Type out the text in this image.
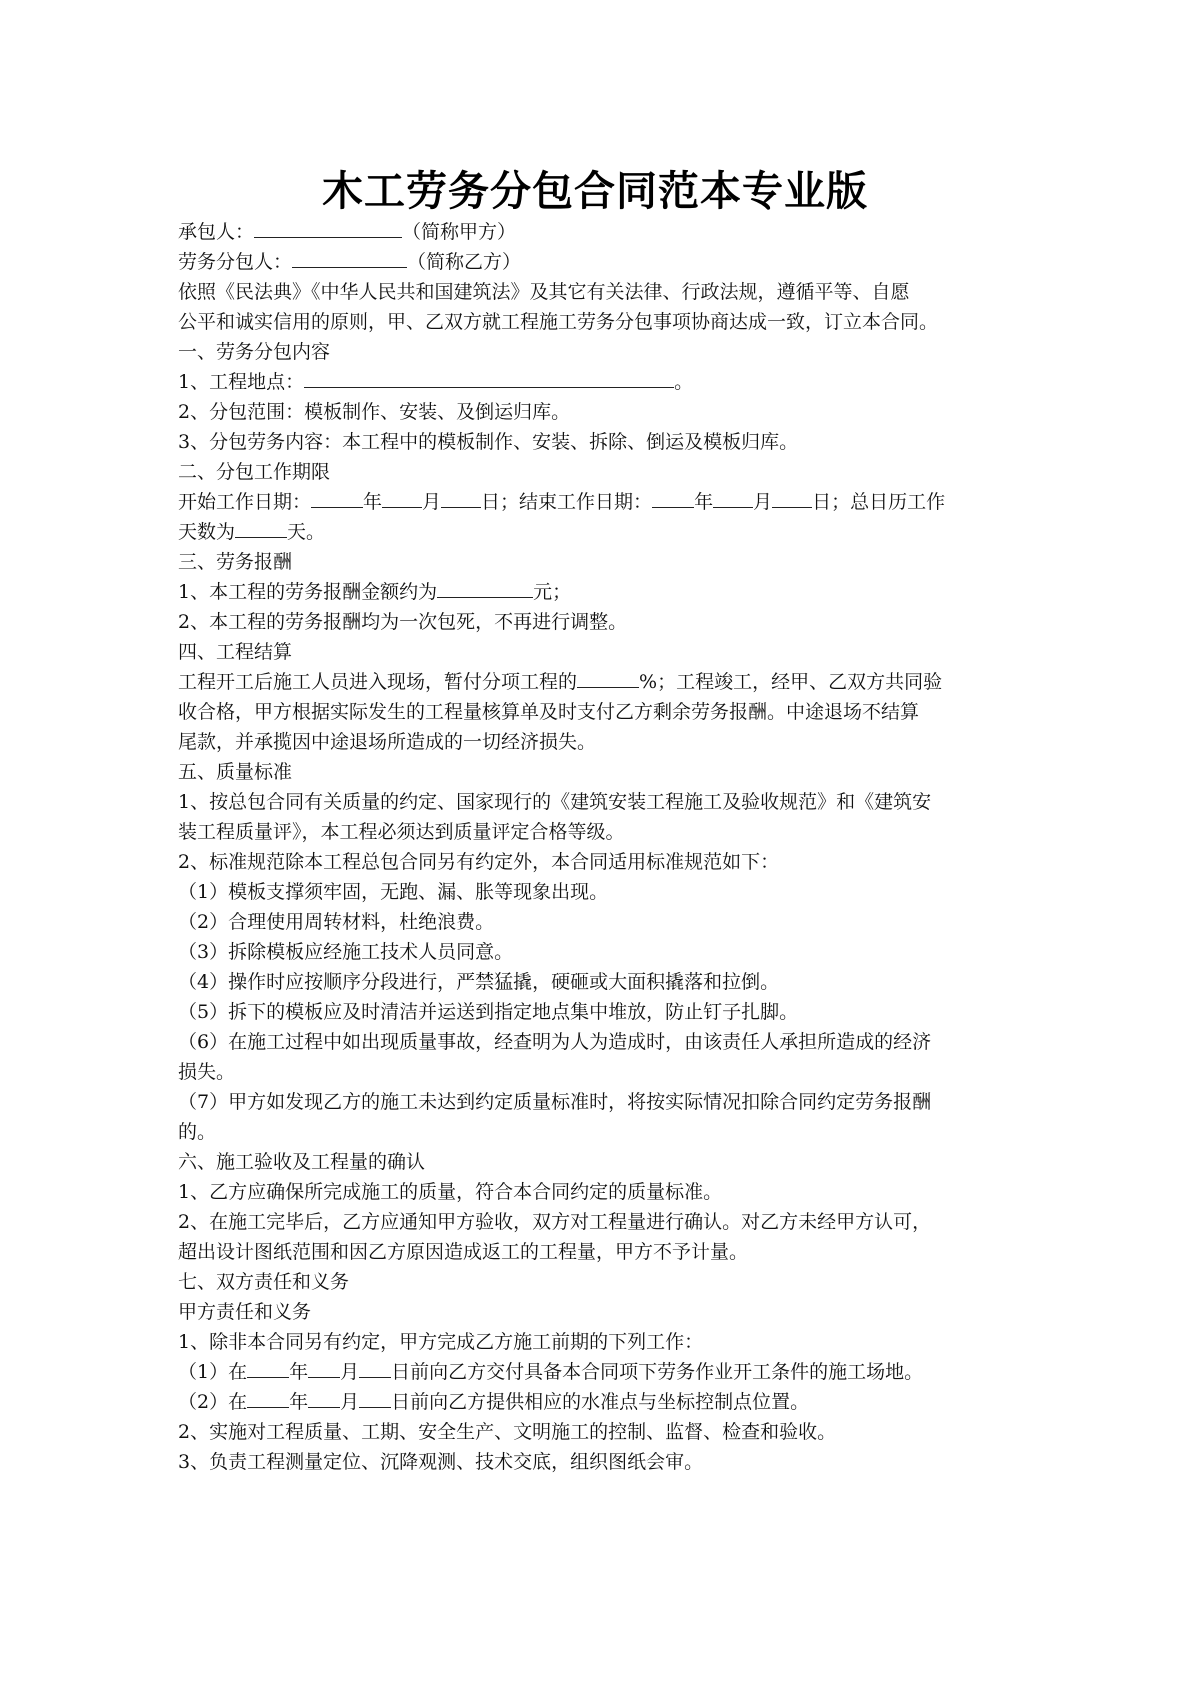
木工劳务分包合同范本专业版
承包人：	（简称甲方）
劳务分包人：	（简称乙方）
依照《民法典》《中华人民共和国建筑法》及其它有关法律、行政法规，遵循平等、自愿
公平和诚实信用的原则，甲、乙双方就工程施工劳务分包事项协商达成一致，订立本合同。
一、劳务分包内容
1、工程地点：	。
2、分包范围：模板制作、安装、及倒运归库。
3、分包劳务内容：本工程中的模板制作、安装、拆除、倒运及模板归库。
二、分包工作期限
开始工作日期：	年 月 日；结束工作日期： 年 月 日；总日历工作
天数为	天。
三、劳务报酬
1、本工程的劳务报酬金额约为	元；
2、本工程的劳务报酬均为一次包死，不再进行调整。
四、工程结算
工程开工后施工人员进入现场，暂付分项工程的	%；工程竣工，经甲、乙双方共同验
收合格，甲方根据实际发生的工程量核算单及时支付乙方剩余劳务报酬。中途退场不结算
尾款，并承揽因中途退场所造成的一切经济损失。
五、质量标准
1、按总包合同有关质量的约定、国家现行的《建筑安装工程施工及验收规范》和《建筑安
装工程质量评》，本工程必须达到质量评定合格等级。
2、标准规范除本工程总包合同另有约定外，本合同适用标准规范如下：
（1）模板支撑须牢固，无跑、漏、胀等现象出现。
（2）合理使用周转材料，杜绝浪费。
（3）拆除模板应经施工技术人员同意。
（4）操作时应按顺序分段进行，严禁猛撬，硬砸或大面积撬落和拉倒。
（5）拆下的模板应及时清洁并运送到指定地点集中堆放，防止钉子扎脚。
（6）在施工过程中如出现质量事故，经查明为人为造成时，由该责任人承担所造成的经济
损失。
（7）甲方如发现乙方的施工未达到约定质量标准时，将按实际情况扣除合同约定劳务报酬
的。
六、施工验收及工程量的确认
1、乙方应确保所完成施工的质量，符合本合同约定的质量标准。
2、在施工完毕后，乙方应通知甲方验收，双方对工程量进行确认。对乙方未经甲方认可，
超出设计图纸范围和因乙方原因造成返工的工程量，甲方不予计量。
七、双方责任和义务
甲方责任和义务
1、除非本合同另有约定，甲方完成乙方施工前期的下列工作：
（1）在 年 月 日前向乙方交付具备本合同项下劳务作业开工条件的施工场地。
（2）在 年 月 日前向乙方提供相应的水准点与坐标控制点位置。
2、实施对工程质量、工期、安全生产、文明施工的控制、监督、检查和验收。
3、负责工程测量定位、沉降观测、技术交底，组织图纸会审。
